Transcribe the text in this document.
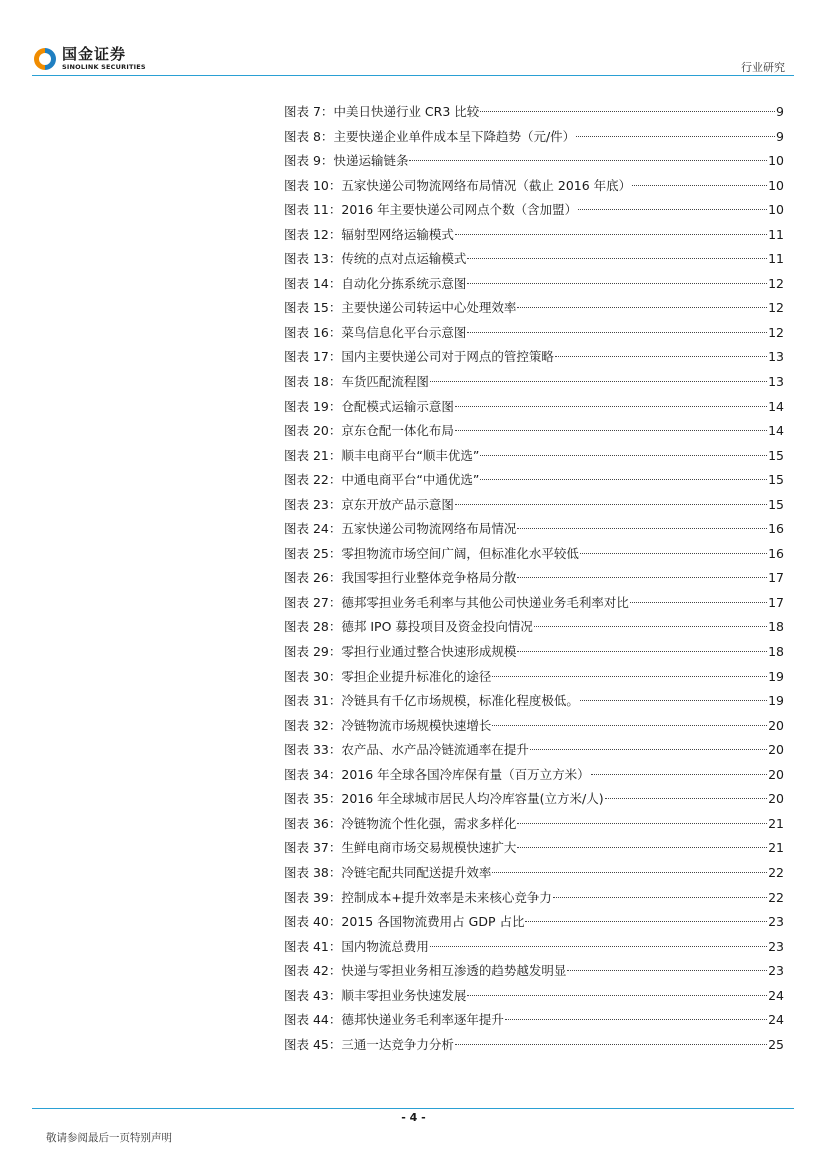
国金证券
SINOLINK SECURITIES	行业研究
图表 7： 中美日快递行业 CR3 比较	9
图表 8： 主要快递企业单件成本呈下降趋势（元/件）	9
图表 9： 快递运输链条	10
图表 10： 五家快递公司物流网络布局情况（截止 2016 年底）	10
图表 11： 2016 年主要快递公司网点个数（含加盟）	10
图表 12： 辐射型网络运输模式	11
图表 13： 传统的点对点运输模式	11
图表 14： 自动化分拣系统示意图	12
图表 15： 主要快递公司转运中心处理效率	12
图表 16： 菜鸟信息化平台示意图	12
图表 17： 国内主要快递公司对于网点的管控策略	13
图表 18： 车货匹配流程图	13
图表 19： 仓配模式运输示意图	14
图表 20： 京东仓配一体化布局	14
图表 21： 顺丰电商平台“顺丰优选”	15
图表 22： 中通电商平台“中通优选”	15
图表 23： 京东开放产品示意图	15
图表 24： 五家快递公司物流网络布局情况	16
图表 25： 零担物流市场空间广阔，但标准化水平较低	16
图表 26： 我国零担行业整体竞争格局分散	17
图表 27： 德邦零担业务毛利率与其他公司快递业务毛利率对比	17
图表 28： 德邦 IPO 募投项目及资金投向情况	18
图表 29： 零担行业通过整合快速形成规模	18
图表 30： 零担企业提升标准化的途径	19
图表 31： 冷链具有千亿市场规模，标准化程度极低。	19
图表 32： 冷链物流市场规模快速增长	20
图表 33： 农产品、水产品冷链流通率在提升	20
图表 34： 2016 年全球各国冷库保有量（百万立方米）	20
图表 35： 2016 年全球城市居民人均冷库容量(立方米/人)	20
图表 36： 冷链物流个性化强，需求多样化	21
图表 37： 生鲜电商市场交易规模快速扩大	21
图表 38： 冷链宅配共同配送提升效率	22
图表 39： 控制成本+提升效率是未来核心竞争力	22
图表 40： 2015 各国物流费用占 GDP 占比	23
图表 41： 国内物流总费用	23
图表 42： 快递与零担业务相互渗透的趋势越发明显	23
图表 43： 顺丰零担业务快速发展	24
图表 44： 德邦快递业务毛利率逐年提升	24
图表 45： 三通一达竞争力分析	25
- 4 -
敬请参阅最后一页特别声明
